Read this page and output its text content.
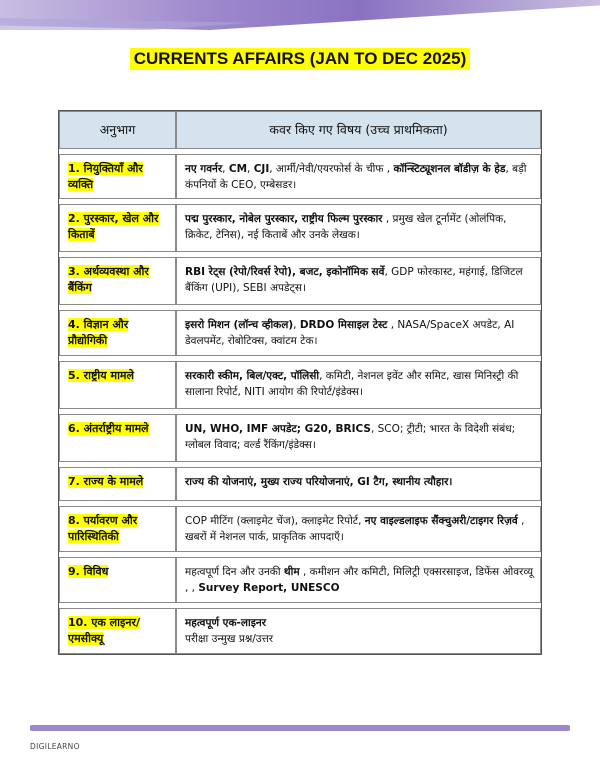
CURRENTS AFFAIRS (JAN TO DEC 2025)
अनुभाग	कवर किए गए विषय (उच्च प्राथमिकता)

1. नियुक्तियाँ और व्यक्ति	नए गवर्नर, CM, CJI, आर्मी/नेवी/एयरफोर्स के चीफ , कॉन्स्टिट्यूशनल बॉडीज़ के हेड, बड़ी कंपनियों के CEO, एम्बेसडर।

2. पुरस्कार, खेल और किताबें	पद्म पुरस्कार, नोबेल पुरस्कार, राष्ट्रीय फिल्म पुरस्कार , प्रमुख खेल टूर्नामेंट (ओलंपिक, क्रिकेट, टेनिस), नई किताबें और उनके लेखक।

3. अर्थव्यवस्था और बैंकिंग	RBI रेट्स (रेपो/रिवर्स रेपो), बजट, इकोनॉमिक सर्वे, GDP फोरकास्ट, महंगाई, डिजिटल बैंकिंग (UPI), SEBI अपडेट्स।

4. विज्ञान और प्रौद्योगिकी	इसरो मिशन (लॉन्च व्हीकल), DRDO मिसाइल टेस्ट , NASA/SpaceX अपडेट, AI डेवलपमेंट, रोबोटिक्स, क्वांटम टेक।

5. राष्ट्रीय मामले	सरकारी स्कीम, बिल/एक्ट, पॉलिसी, कमिटी, नेशनल इवेंट और समिट, खास मिनिस्ट्री की सालाना रिपोर्ट, NITI आयोग की रिपोर्ट/इंडेक्स।

6. अंतर्राष्ट्रीय मामले	UN, WHO, IMF अपडेट; G20, BRICS, SCO; ट्रीटी; भारत के विदेशी संबंध; ग्लोबल विवाद; वर्ल्ड रैंकिंग/इंडेक्स।

7. राज्य के मामले	राज्य की योजनाएं, मुख्य राज्य परियोजनाएं, GI टैग, स्थानीय त्यौहार।

8. पर्यावरण और पारिस्थितिकी	COP मीटिंग (क्लाइमेट चेंज), क्लाइमेट रिपोर्ट, नए वाइल्डलाइफ सैंक्चुअरी/टाइगर रिज़र्व , खबरों में नेशनल पार्क, प्राकृतिक आपदाएँ।

9. विविध	महत्वपूर्ण दिन और उनकी थीम , कमीशन और कमिटी, मिलिट्री एक्सरसाइज, डिफेंस ओवरव्यू , , Survey Report, UNESCO

10. एक लाइनर/ एमसीक्यू	महत्वपूर्ण एक-लाइनर
परीक्षा उन्मुख प्रश्न/उत्तर
DIGILEARNO
